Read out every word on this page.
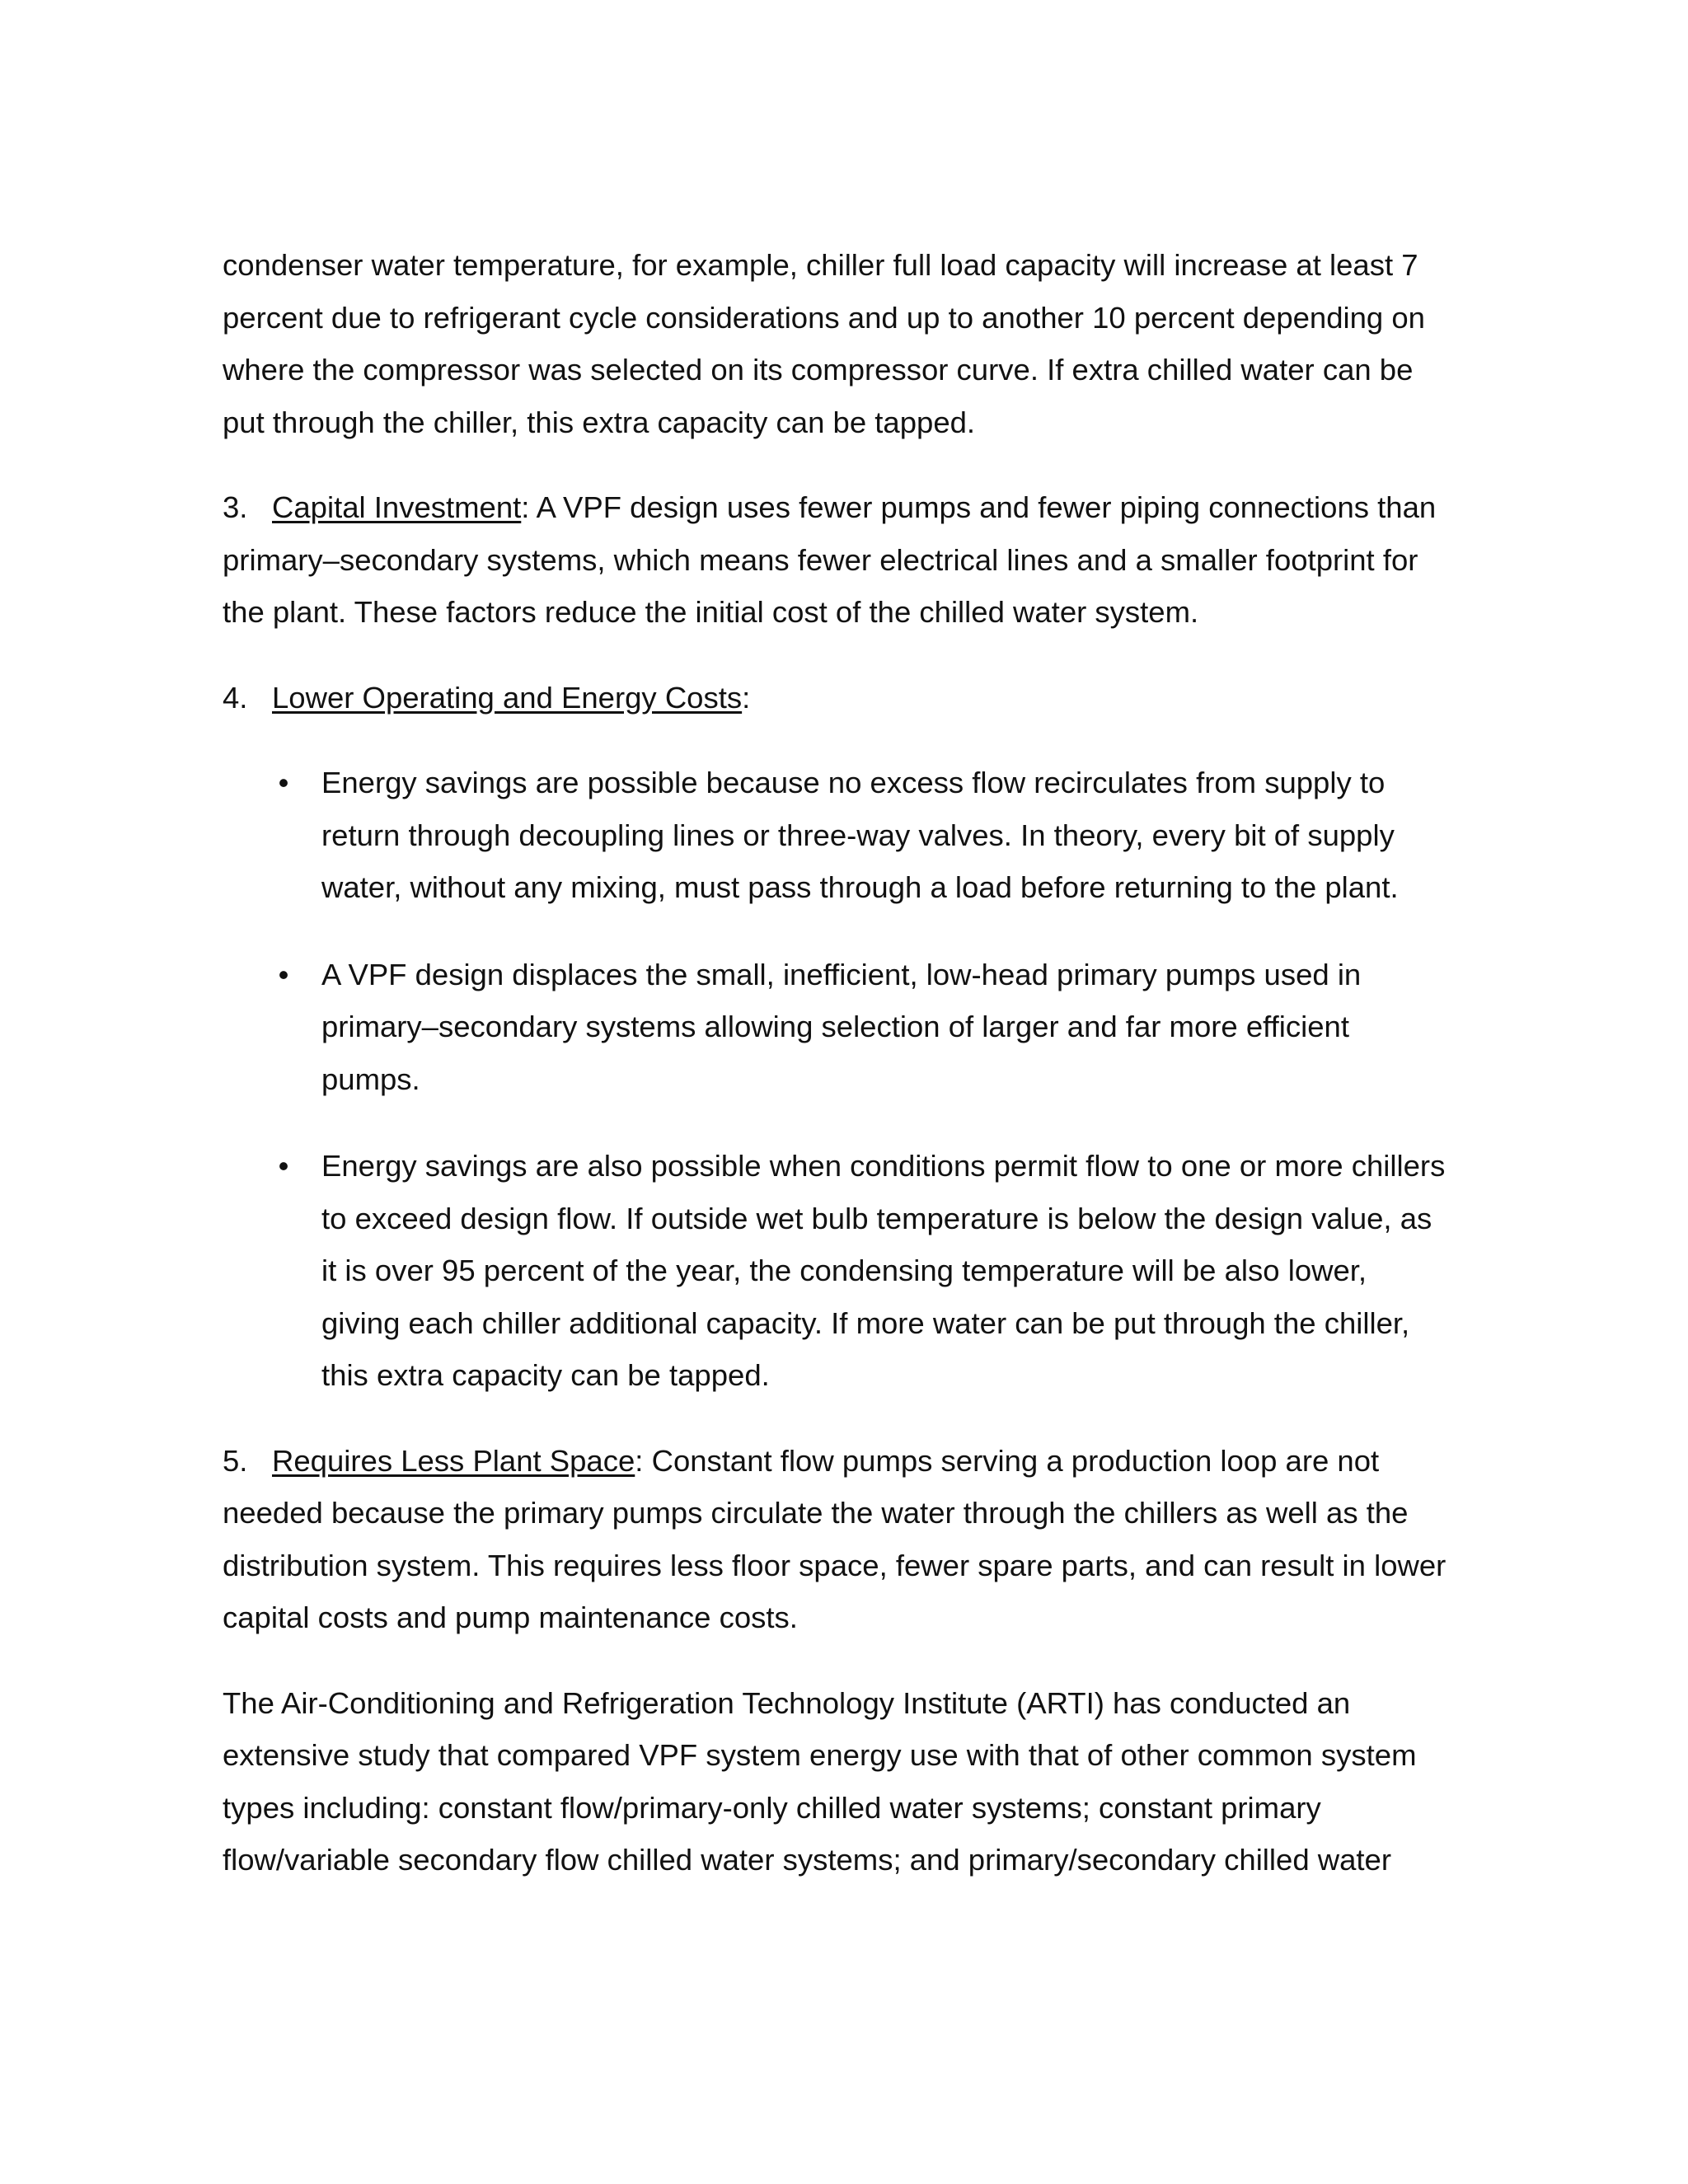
condenser water temperature, for example, chiller full load capacity will increase at least 7 percent due to refrigerant cycle considerations and up to another 10 percent depending on where the compressor was selected on its compressor curve. If extra chilled water can be put through the chiller, this extra capacity can be tapped.

3. Capital Investment: A VPF design uses fewer pumps and fewer piping connections than primary–secondary systems, which means fewer electrical lines and a smaller footprint for the plant. These factors reduce the initial cost of the chilled water system.

4. Lower Operating and Energy Costs:

• Energy savings are possible because no excess flow recirculates from supply to return through decoupling lines or three-way valves. In theory, every bit of supply water, without any mixing, must pass through a load before returning to the plant.
• A VPF design displaces the small, inefficient, low-head primary pumps used in primary–secondary systems allowing selection of larger and far more efficient pumps.
• Energy savings are also possible when conditions permit flow to one or more chillers to exceed design flow. If outside wet bulb temperature is below the design value, as it is over 95 percent of the year, the condensing temperature will be also lower, giving each chiller additional capacity. If more water can be put through the chiller, this extra capacity can be tapped.

5. Requires Less Plant Space: Constant flow pumps serving a production loop are not needed because the primary pumps circulate the water through the chillers as well as the distribution system. This requires less floor space, fewer spare parts, and can result in lower capital costs and pump maintenance costs.

The Air-Conditioning and Refrigeration Technology Institute (ARTI) has conducted an extensive study that compared VPF system energy use with that of other common system types including: constant flow/primary-only chilled water systems; constant primary flow/variable secondary flow chilled water systems; and primary/secondary chilled water
